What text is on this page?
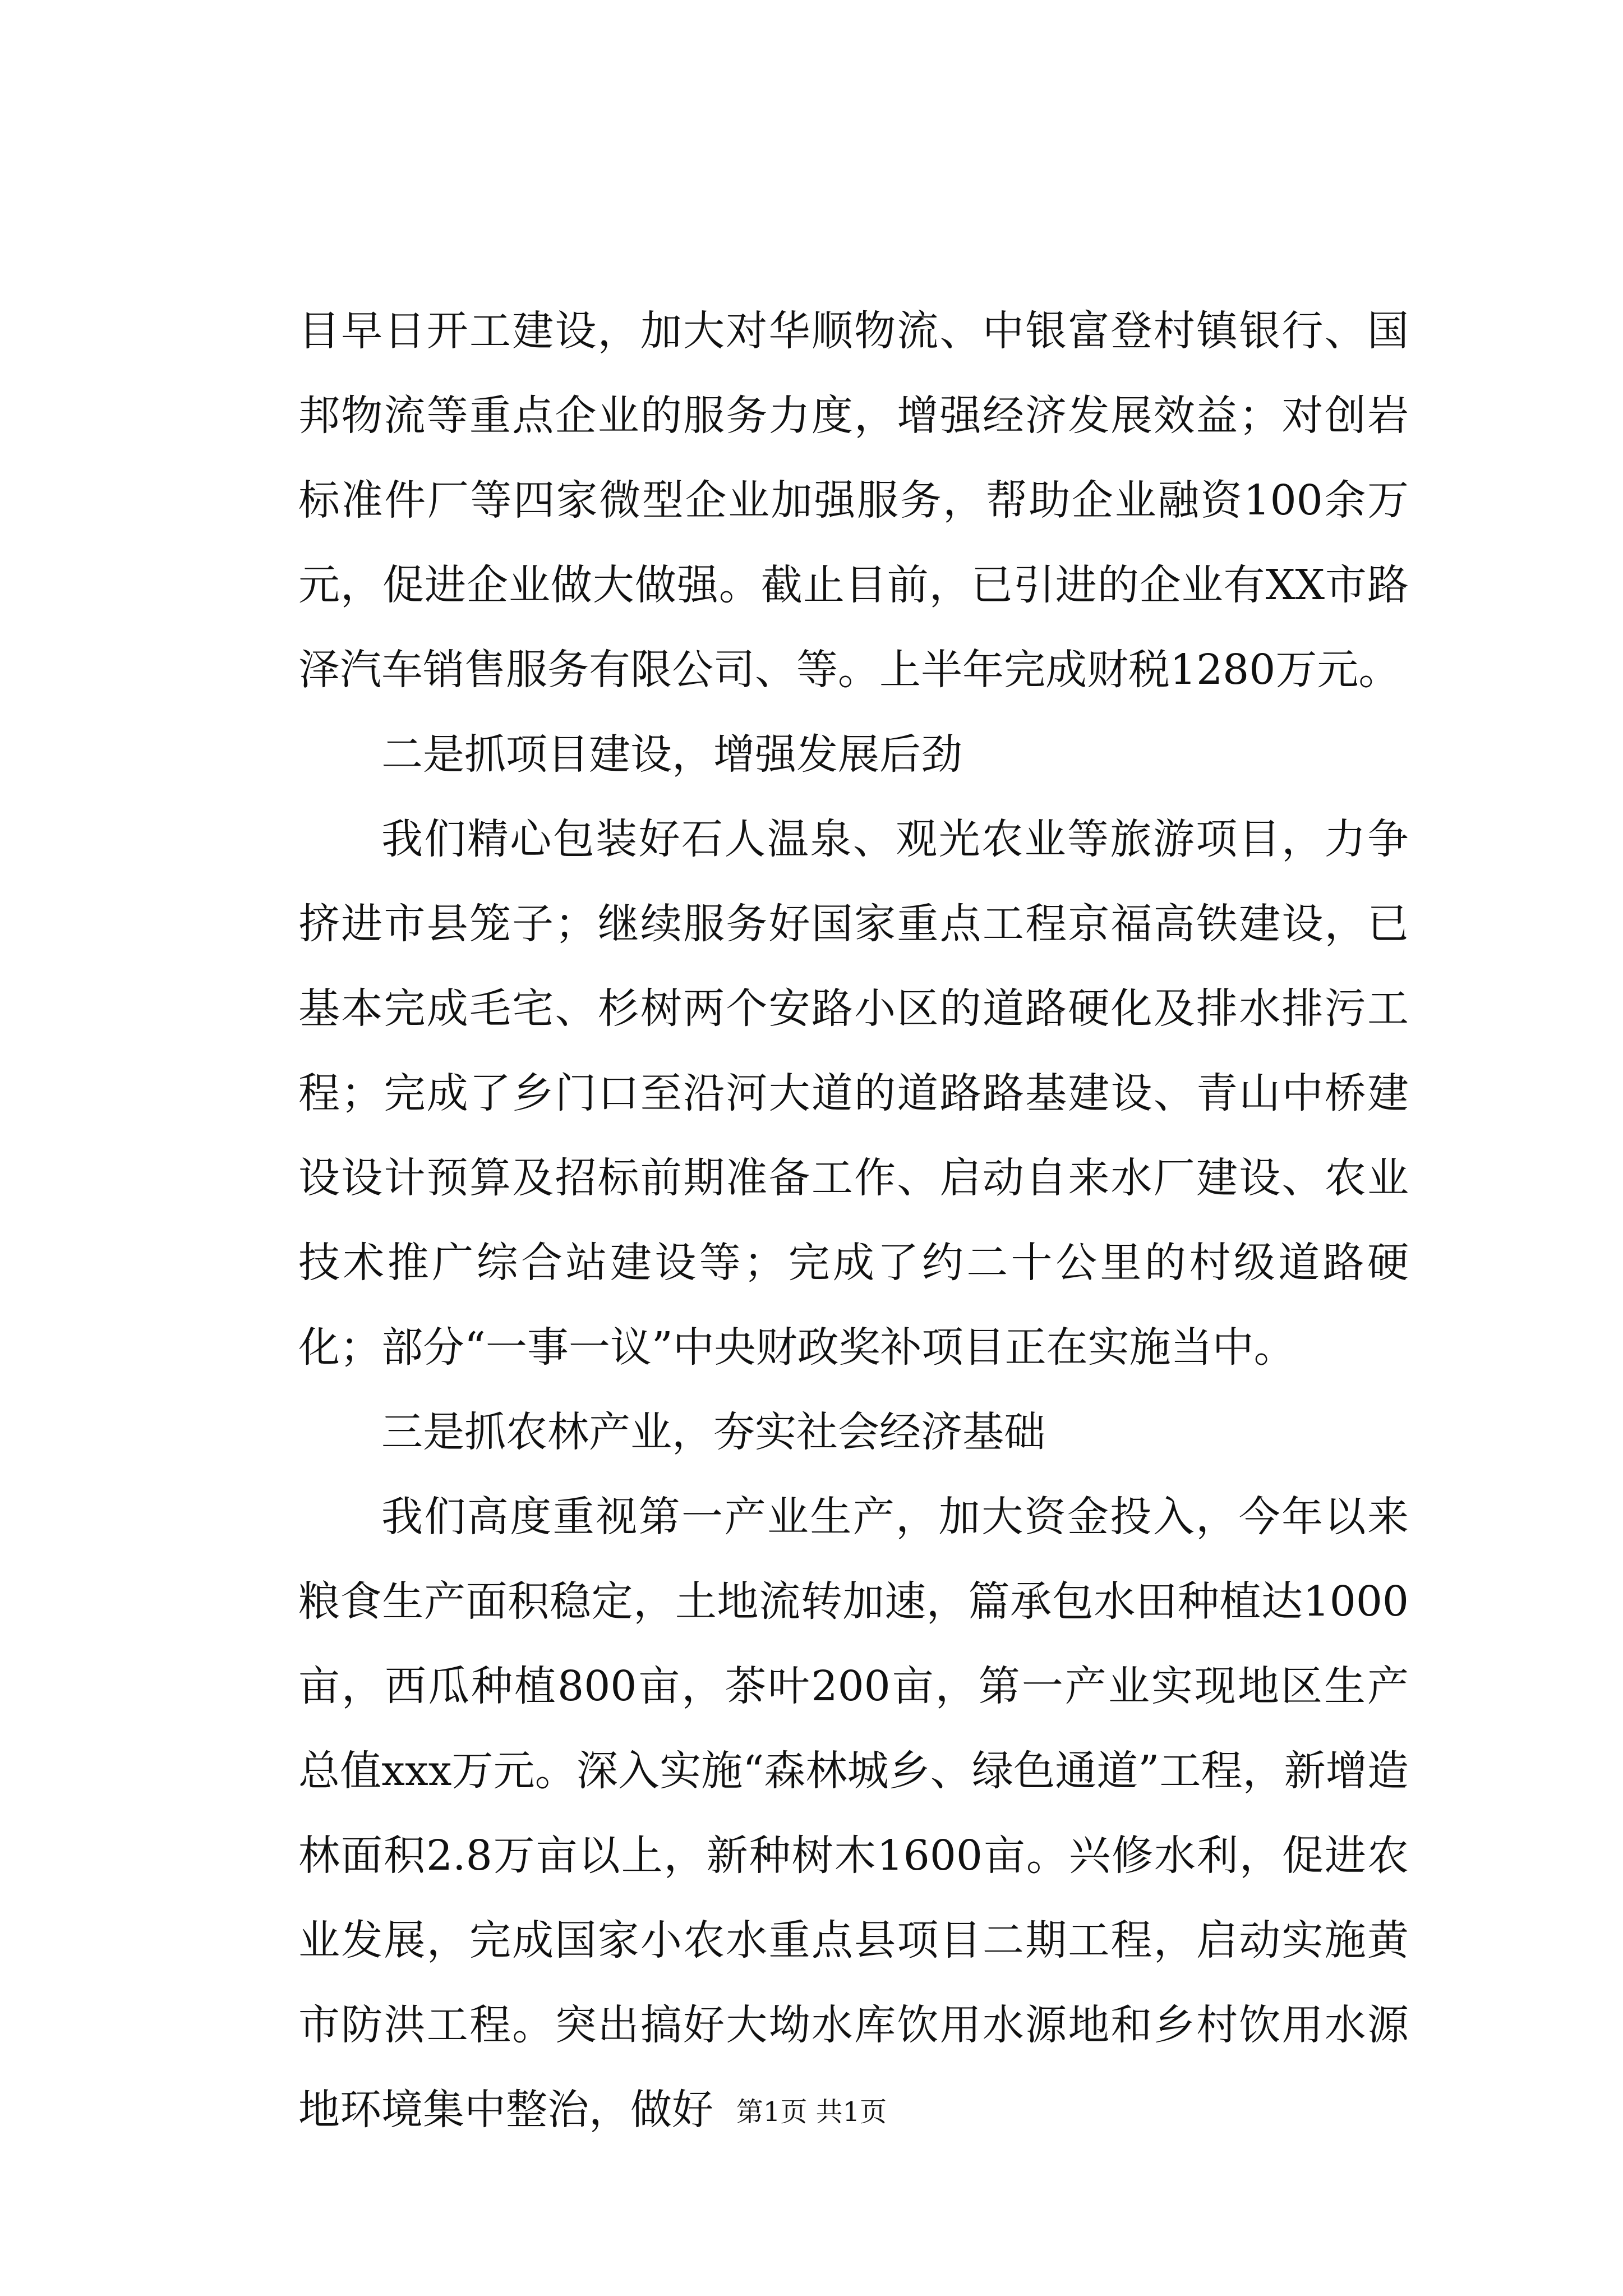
目早日开工建设，加大对华顺物流、中银富登村镇银行、国邦物流等重点企业的服务力度，增强经济发展效益；对创岩标准件厂等四家微型企业加强服务，帮助企业融资100余万元，促进企业做大做强。截止目前，已引进的企业有XX市路泽汽车销售服务有限公司、等。上半年完成财税1280万元。

二是抓项目建设，增强发展后劲

我们精心包装好石人温泉、观光农业等旅游项目，力争挤进市县笼子；继续服务好国家重点工程京福高铁建设，已基本完成毛宅、杉树两个安路小区的道路硬化及排水排污工程；完成了乡门口至沿河大道的道路路基建设、青山中桥建设设计预算及招标前期准备工作、启动自来水厂建设、农业技术推广综合站建设等；完成了约二十公里的村级道路硬化；部分“一事一议”中央财政奖补项目正在实施当中。

三是抓农林产业，夯实社会经济基础

我们高度重视第一产业生产，加大资金投入，今年以来粮食生产面积稳定，土地流转加速，篇承包水田种植达1000亩，西瓜种植800亩，茶叶200亩，第一产业实现地区生产总值xxx万元。深入实施“森林城乡、绿色通道”工程，新增造林面积2.8万亩以上，新种树木1600亩。兴修水利，促进农业发展，完成国家小农水重点县项目二期工程，启动实施黄市防洪工程。突出搞好大坳水库饮用水源地和乡村饮用水源地环境集中整治，做好 第1页 共1页
